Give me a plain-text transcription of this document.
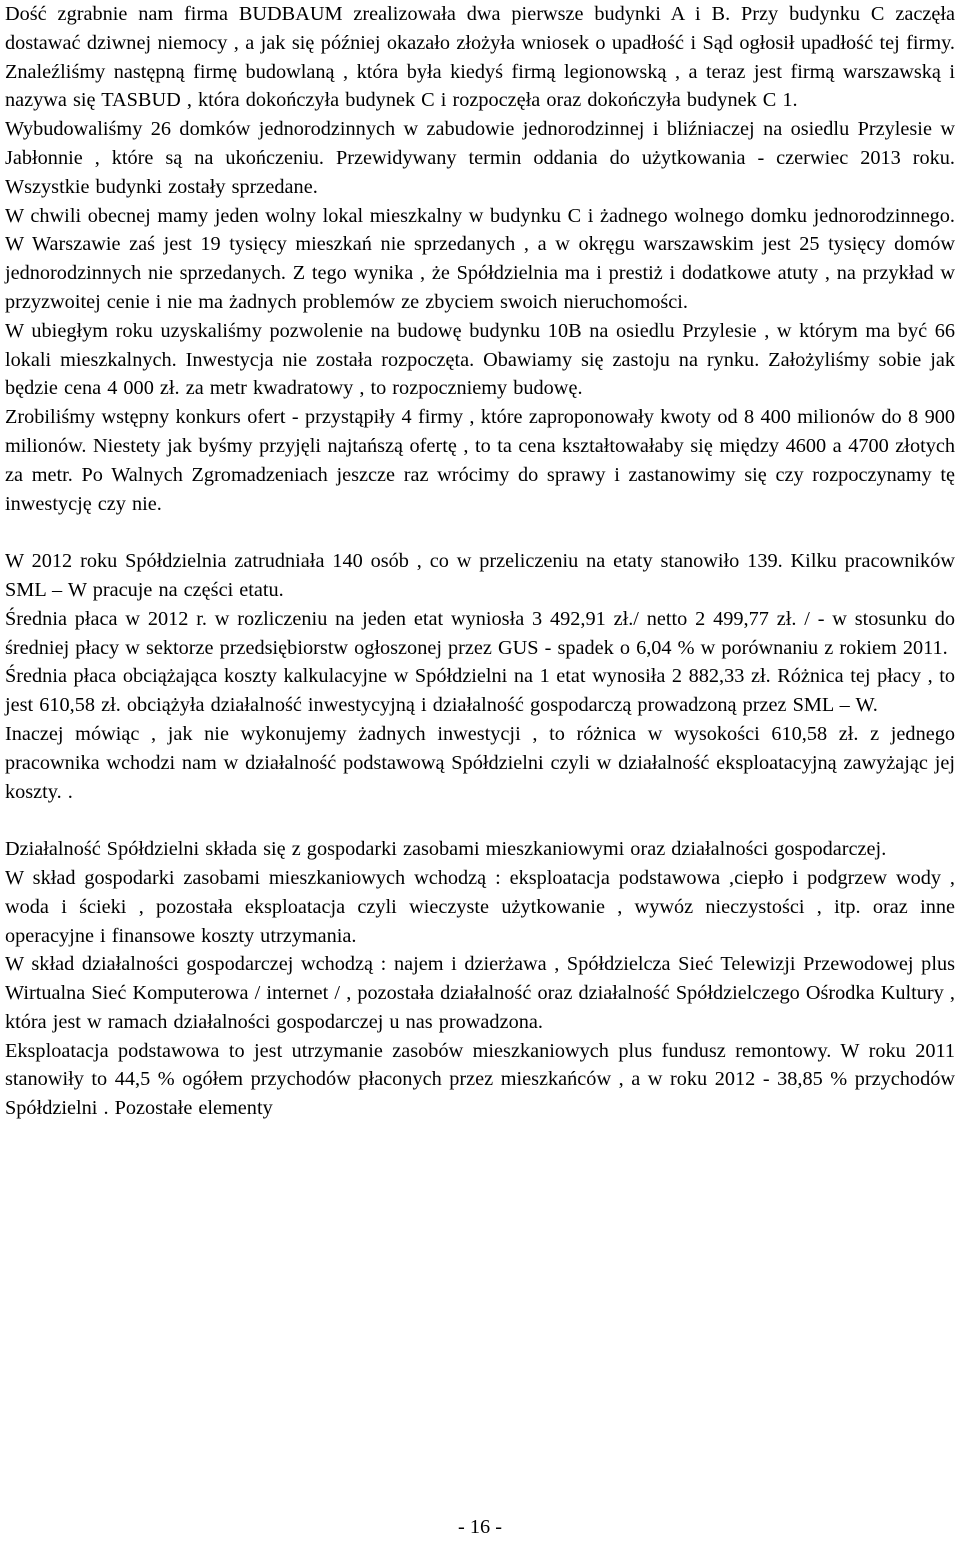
Dość zgrabnie nam firma BUDBAUM zrealizowała dwa pierwsze budynki A i B. Przy budynku C zaczęła dostawać dziwnej niemocy , a jak się później okazało złożyła wniosek o upadłość i Sąd ogłosił upadłość tej firmy. Znaleźliśmy następną firmę budowlaną , która była kiedyś firmą legionowską , a teraz jest firmą warszawską i nazywa się TASBUD , która dokończyła budynek C i rozpoczęła oraz dokończyła budynek C 1.

Wybudowaliśmy 26 domków jednorodzinnych w zabudowie jednorodzinnej i bliźniaczej na osiedlu Przylesie w Jabłonnie , które są na ukończeniu. Przewidywany termin oddania do użytkowania - czerwiec 2013 roku. Wszystkie budynki zostały sprzedane.

W chwili obecnej mamy jeden wolny lokal mieszkalny w budynku C i żadnego wolnego domku jednorodzinnego. W Warszawie zaś jest 19 tysięcy mieszkań nie sprzedanych , a w okręgu warszawskim jest 25 tysięcy domów jednorodzinnych nie sprzedanych. Z tego wynika , że Spółdzielnia ma i prestiż i dodatkowe atuty , na przykład w przyzwoitej cenie i nie ma żadnych problemów ze zbyciem swoich nieruchomości.

W ubiegłym roku uzyskaliśmy pozwolenie na budowę budynku 10B na osiedlu Przylesie , w którym ma być 66 lokali mieszkalnych. Inwestycja nie została rozpoczęta. Obawiamy się zastoju na rynku. Założyliśmy sobie jak będzie cena 4 000 zł. za metr kwadratowy , to rozpoczniemy budowę.

Zrobiliśmy wstępny konkurs ofert - przystąpiły 4 firmy , które zaproponowały kwoty od 8 400 milionów do 8 900 milionów. Niestety jak byśmy przyjęli najtańszą ofertę , to ta cena kształtowałaby się między 4600 a 4700 złotych za metr. Po Walnych Zgromadzeniach jeszcze raz wrócimy do sprawy i zastanowimy się czy rozpoczynamy tę inwestycję czy nie.

W 2012 roku Spółdzielnia zatrudniała 140 osób , co w przeliczeniu na etaty stanowiło 139. Kilku pracowników SML – W pracuje na części etatu.

Średnia płaca w 2012 r. w rozliczeniu na jeden etat wyniosła 3 492,91 zł./ netto 2 499,77 zł. / - w stosunku do średniej płacy w sektorze przedsiębiorstw ogłoszonej przez GUS - spadek o 6,04 % w porównaniu z rokiem 2011.

Średnia płaca obciążająca koszty kalkulacyjne w Spółdzielni na 1 etat wynosiła 2 882,33 zł. Różnica tej płacy , to jest 610,58 zł. obciążyła działalność inwestycyjną i działalność gospodarczą prowadzoną przez SML – W.

Inaczej mówiąc , jak nie wykonujemy żadnych inwestycji , to różnica w wysokości 610,58 zł. z jednego pracownika wchodzi nam w działalność podstawową Spółdzielni czyli w działalność eksploatacyjną zawyżając jej koszty. .

Działalność Spółdzielni składa się z gospodarki zasobami mieszkaniowymi oraz działalności gospodarczej.

W skład gospodarki zasobami mieszkaniowych wchodzą : eksploatacja podstawowa ,ciepło i podgrzew wody , woda i ścieki , pozostała eksploatacja czyli wieczyste użytkowanie , wywóz nieczystości , itp. oraz inne operacyjne i finansowe koszty utrzymania.

W skład działalności gospodarczej wchodzą : najem i dzierżawa , Spółdzielcza Sieć Telewizji Przewodowej plus Wirtualna Sieć Komputerowa / internet / , pozostała działalność oraz działalność Spółdzielczego Ośrodka Kultury , która jest w ramach działalności gospodarczej u nas prowadzona.

Eksploatacja podstawowa to jest utrzymanie zasobów mieszkaniowych plus fundusz remontowy. W roku 2011 stanowiły to 44,5 % ogółem przychodów płaconych przez mieszkańców , a w roku 2012 - 38,85 % przychodów Spółdzielni . Pozostałe elementy

- 16 -
